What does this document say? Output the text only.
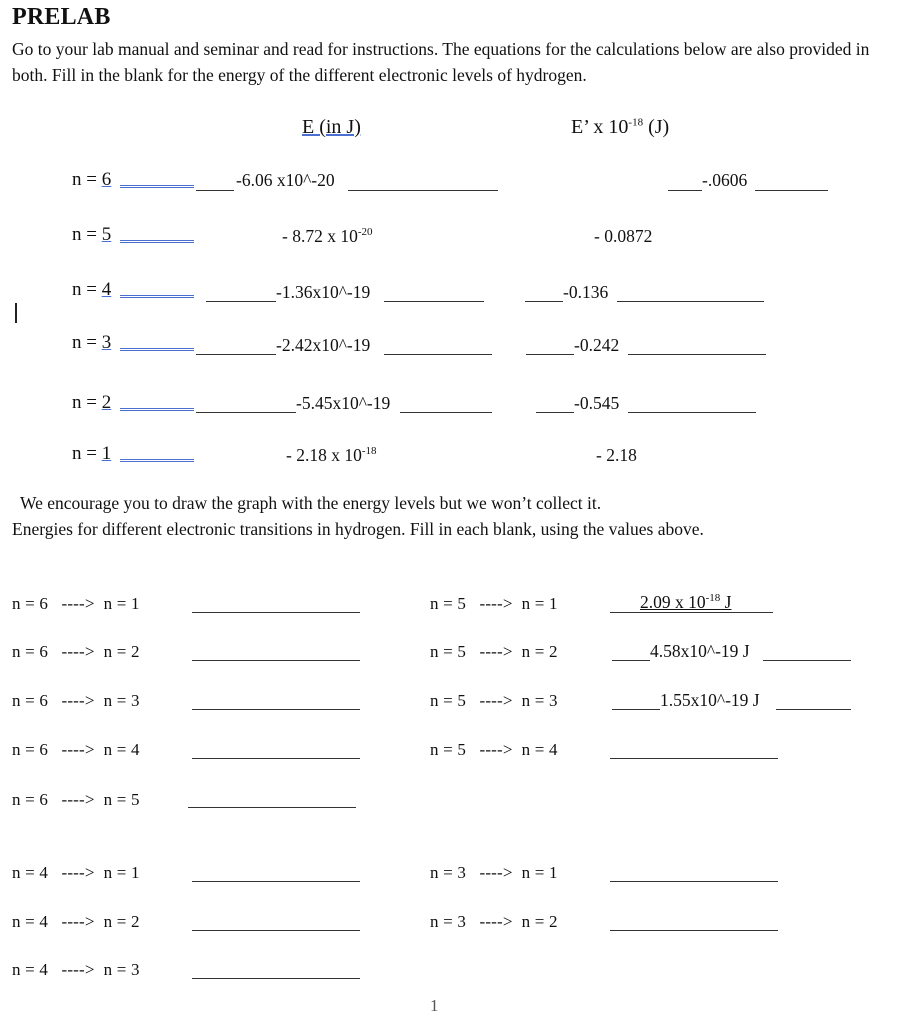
PRELAB
Go to your lab manual and seminar and read for instructions. The equations for the calculations below are also provided in both. Fill in the blank for the energy of the different electronic levels of hydrogen.
E (in J)	E’ x $10^{-18}$ (J)
n = 6	-6.06 x10^-20	-.0606
n = 5	- 8.72 x $10^{-20}$	- 0.0872
n = 4	-1.36x10^-19	-0.136
n = 3	-2.42x10^-19	-0.242
n = 2	-5.45x10^-19	-0.545
n = 1	- 2.18 x $10^{-18}$	- 2.18
We encourage you to draw the graph with the energy levels but we won’t collect it.
Energies for different electronic transitions in hydrogen. Fill in each blank, using the values above.
n = 6 ----> n = 1
n = 6 ----> n = 2
n = 6 ----> n = 3
n = 6 ----> n = 4
n = 6 ----> n = 5
n = 4 ----> n = 1
n = 4 ----> n = 2
n = 4 ----> n = 3
n = 5 ----> n = 1	2.09 x $10^{-18}$ J
n = 5 ----> n = 2	4.58x10^-19 J
n = 5 ----> n = 3	1.55x10^-19 J
n = 5 ----> n = 4
n = 3 ----> n = 1
n = 3 ----> n = 2
1
